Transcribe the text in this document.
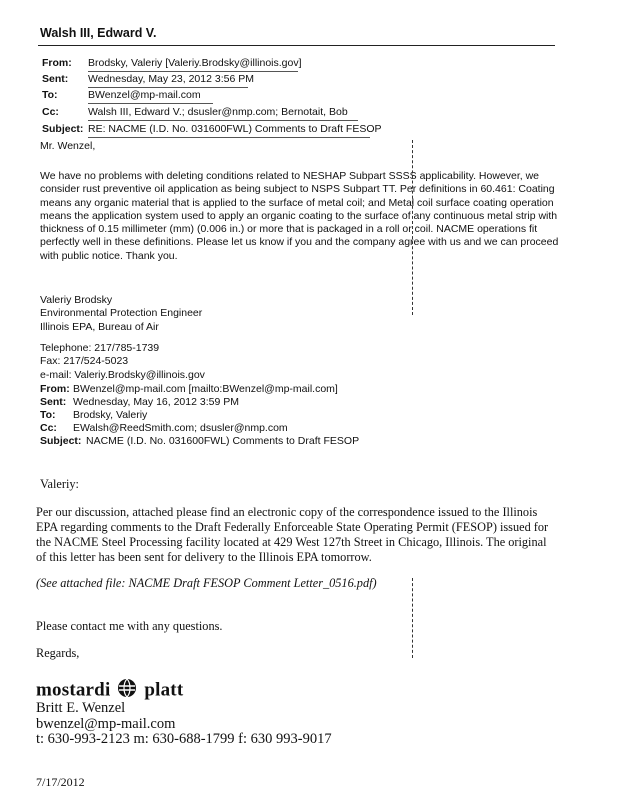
Walsh III, Edward V.
From: Brodsky, Valeriy [Valeriy.Brodsky@illinois.gov]
Sent: Wednesday, May 23, 2012 3:56 PM
To:	BWenzel@mp-mail.com
Cc:	Walsh III, Edward V.; dsusler@nmp.com; Bernotait, Bob
Subject: RE: NACME (I.D. No. 031600FWL) Comments to Draft FESOP
Mr. Wenzel,
We have no problems with deleting conditions related to NESHAP Subpart SSSS applicability. However, we
consider rust preventive oil application as being subject to NSPS Subpart TT. Per definitions in 60.461: Coating
means any organic material that is applied to the surface of metal coil; and Metal coil surface coating operation
means the application system used to apply an organic coating to the surface of any continuous metal strip with
thickness of 0.15 millimeter (mm) (0.006 in.) or more that is packaged in a roll or coil. NACME operations fit
perfectly well in these definitions. Please let us know if you and the company agree with us and we can proceed
with public notice. Thank you.
Valeriy Brodsky
Environmental Protection Engineer
Illinois EPA, Bureau of Air
Telephone: 217/785-1739
Fax: 217/524-5023
e-mail: Valeriy.Brodsky@illinois.gov
From: BWenzel@mp-mail.com [mailto:BWenzel@mp-mail.com]
Sent: Wednesday, May 16, 2012 3:59 PM
To: Brodsky, Valeriy
Cc: EWalsh@ReedSmith.com; dsusler@nmp.com
Subject: NACME (I.D. No. 031600FWL) Comments to Draft FESOP
Valeriy:
Per our discussion, attached please find an electronic copy of the correspondence issued to the Illinois
EPA regarding comments to the Draft Federally Enforceable State Operating Permit (FESOP) issued for
the NACME Steel Processing facility located at 429 West 127th Street in Chicago, Illinois. The original
of this letter has been sent for delivery to the Illinois EPA tomorrow.
(See attached file: NACME Draft FESOP Comment Letter_0516.pdf)
Please contact me with any questions.
Regards,
mostardi platt
Britt E. Wenzel
bwenzel@mp-mail.com
t: 630-993-2123 m: 630-688-1799 f: 630 993-9017
7/17/2012
